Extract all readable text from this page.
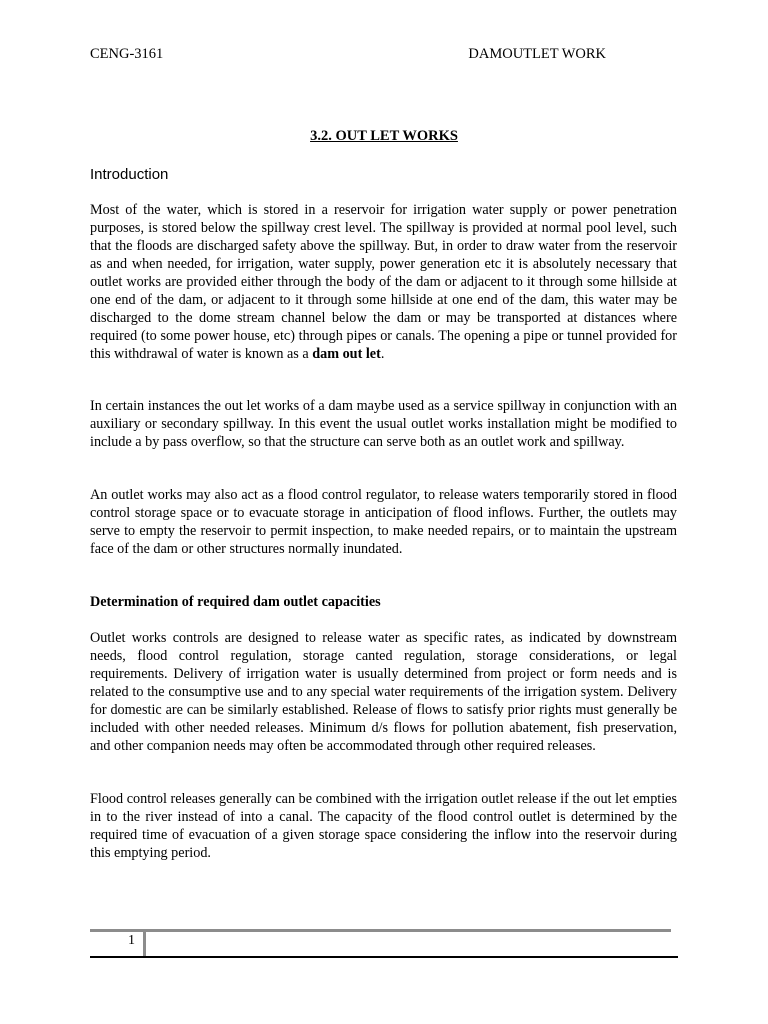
CENG-3161	DAMOUTLET WORK
3.2. OUT LET WORKS
Introduction

Most of the water, which is stored in a reservoir for irrigation water supply or power penetration purposes, is stored below the spillway crest level. The spillway is provided at normal pool level, such that the floods are discharged safety above the spillway. But, in order to draw water from the reservoir as and when needed, for irrigation, water supply, power generation etc it is absolutely necessary that outlet works are provided either through the body of the dam or adjacent to it through some hillside at one end of the dam, or adjacent to it through some hillside at one end of the dam, this water may be discharged to the dome stream channel below the dam or may be transported at distances where required (to some power house, etc) through pipes or canals. The opening a pipe or tunnel provided for this withdrawal of water is known as a dam out let.

In certain instances the out let works of a dam maybe used as a service spillway in conjunction with an auxiliary or secondary spillway. In this event the usual outlet works installation might be modified to include a by pass overflow, so that the structure can serve both as an outlet work and spillway.

An outlet works may also act as a flood control regulator, to release waters temporarily stored in flood control storage space or to evacuate storage in anticipation of flood inflows. Further, the outlets may serve to empty the reservoir to permit inspection, to make needed repairs, or to maintain the upstream face of the dam or other structures normally inundated.

Determination of required dam outlet capacities

Outlet works controls are designed to release water as specific rates, as indicated by downstream needs, flood control regulation, storage canted regulation, storage considerations, or legal requirements. Delivery of irrigation water is usually determined from project or form needs and is related to the consumptive use and to any special water requirements of the irrigation system. Delivery for domestic are can be similarly established. Release of flows to satisfy prior rights must generally be included with other needed releases. Minimum d/s flows for pollution abatement, fish preservation, and other companion needs may often be accommodated through other required releases.

Flood control releases generally can be combined with the irrigation outlet release if the out let empties in to the river instead of into a canal. The capacity of the flood control outlet is determined by the required time of evacuation of a given storage space considering the inflow into the reservoir during this emptying period.

1
